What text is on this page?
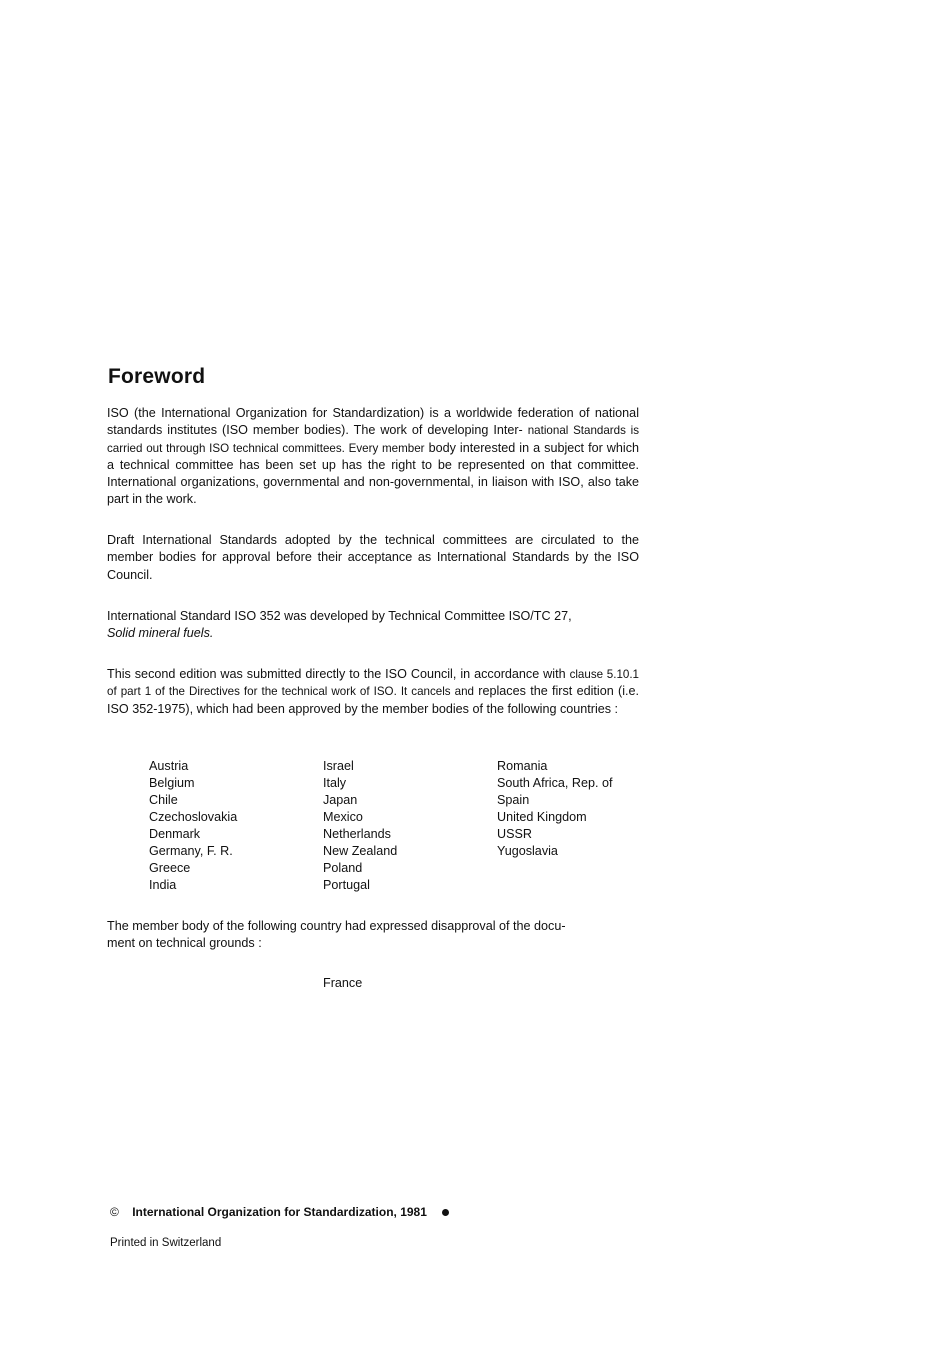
Foreword

ISO (the International Organization for Standardization) is a worldwide federation of national standards institutes (ISO member bodies). The work of developing Inter- national Standards is carried out through ISO technical committees. Every member body interested in a subject for which a technical committee has been set up has the right to be represented on that committee. International organizations, governmental and non-governmental, in liaison with ISO, also take part in the work.

Draft International Standards adopted by the technical committees are circulated to the member bodies for approval before their acceptance as International Standards by the ISO Council.

International Standard ISO 352 was developed by Technical Committee ISO/TC 27,
Solid mineral fuels.

This second edition was submitted directly to the ISO Council, in accordance with clause 5.10.1 of part 1 of the Directives for the technical work of ISO. It cancels and replaces the first edition (i.e. ISO 352-1975), which had been approved by the member bodies of the following countries :

Austria
Belgium
Chile
Czechoslovakia
Denmark
Germany, F. R.
Greece
India
Israel
Italy
Japan
Mexico
Netherlands
New Zealand
Poland
Portugal
Romania
South Africa, Rep. of
Spain
United Kingdom
USSR
Yugoslavia

The member body of the following country had expressed disapproval of the docu-
ment on technical grounds :

France
© International Organization for Standardization, 1981
Printed in Switzerland
